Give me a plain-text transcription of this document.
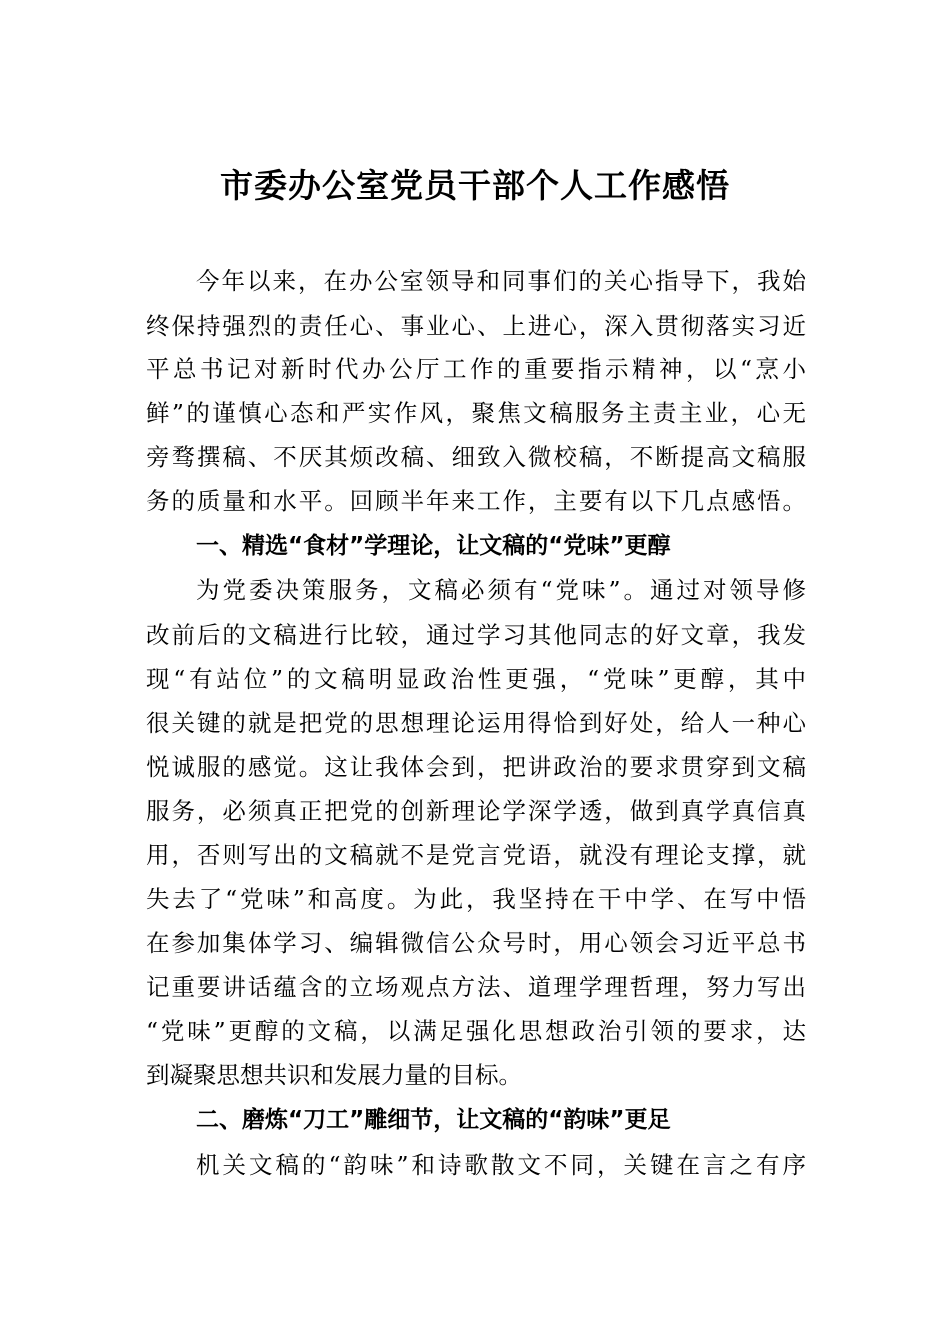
市委办公室党员干部个人工作感悟
今年以来，在办公室领导和同事们的关心指导下，我始
终保持强烈的责任心、事业心、上进心，深入贯彻落实习近
平总书记对新时代办公厅工作的重要指示精神，以“烹小
鲜”的谨慎心态和严实作风，聚焦文稿服务主责主业，心无
旁骛撰稿、不厌其烦改稿、细致入微校稿，不断提高文稿服
务的质量和水平。回顾半年来工作，主要有以下几点感悟。
一、精选“食材”学理论，让文稿的“党味”更醇
为党委决策服务，文稿必须有“党味”。通过对领导修
改前后的文稿进行比较，通过学习其他同志的好文章，我发
现“有站位”的文稿明显政治性更强，“党味”更醇，其中
很关键的就是把党的思想理论运用得恰到好处，给人一种心
悦诚服的感觉。这让我体会到，把讲政治的要求贯穿到文稿
服务，必须真正把党的创新理论学深学透，做到真学真信真
用，否则写出的文稿就不是党言党语，就没有理论支撑，就
失去了“党味”和高度。为此，我坚持在干中学、在写中悟
在参加集体学习、编辑微信公众号时，用心领会习近平总书
记重要讲话蕴含的立场观点方法、道理学理哲理，努力写出
“党味”更醇的文稿，以满足强化思想政治引领的要求，达
到凝聚思想共识和发展力量的目标。
二、磨炼“刀工”雕细节，让文稿的“韵味”更足
机关文稿的“韵味”和诗歌散文不同，关键在言之有序
